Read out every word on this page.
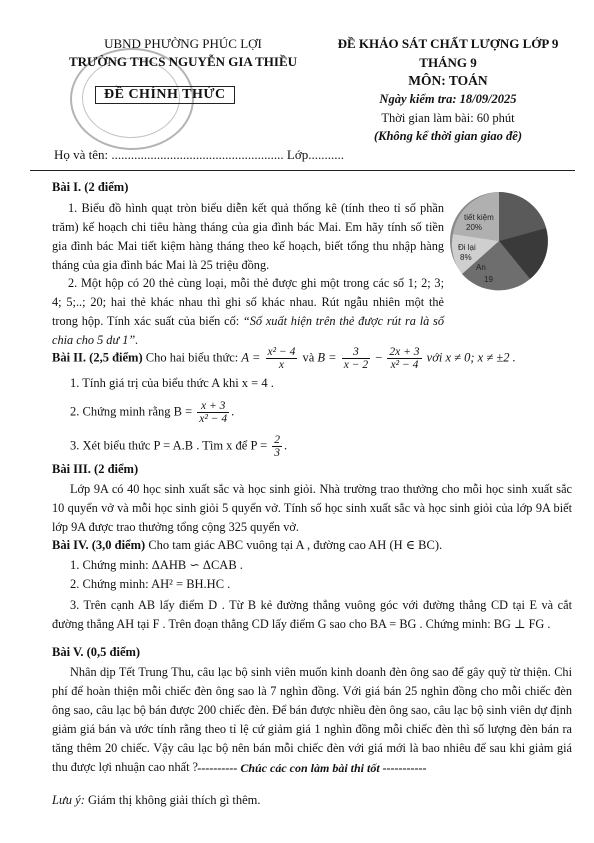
UBND PHƯỜNG PHÚC LỢI
TRƯỜNG THCS NGUYỄN GIA THIỀU
ĐỀ CHÍNH THỨC
ĐỀ KHẢO SÁT CHẤT LƯỢNG LỚP 9
THÁNG 9
MÔN: TOÁN
Ngày kiểm tra: 18/09/2025
Thời gian làm bài: 60 phút
(Không kể thời gian giao đề)
Họ và tên: ..................................................... Lớp...........
Bài I. (2 điểm)
1. Biểu đồ hình quạt tròn biểu diễn kết quả thống kê (tính theo tỉ số phần trăm) kế hoạch chi tiêu hàng tháng của gia đình bác Mai. Em hãy tính số tiền gia đình bác Mai tiết kiệm hàng tháng theo kế hoạch, biết tổng thu nhập hàng tháng của gia đình bác Mai là 25 triệu đồng.
2. Một hộp có 20 thẻ cùng loại, mỗi thẻ được ghi một trong các số 1; 2; 3; 4; 5;..; 20; hai thẻ khác nhau thì ghi số khác nhau. Rút ngẫu nhiên một thẻ trong hộp. Tính xác suất của biến cố: “Số xuất hiện trên thẻ được rút ra là số chia cho 5 dư 1”.
tiết kiệm
20%
Đi lại
8%
An
19
Bài II. (2,5 điểm) Cho hai biểu thức: $A = \frac{\text{x² − 4}}{x}$ và $B = \frac{3}{x - 2} - \frac{2x + 3}{\text{x² − 4}}$ với x ≠ 0; x ≠ ±2 .
1. Tính giá trị của biểu thức A khi x = 4 .
2. Chứng minh rằng $B = \frac{x + 3}{\text{x² − 4}}$ .
3. Xét biểu thức P = A.B . Tìm x để $P = \frac{2}{3}$ .
Bài III. (2 điểm)
Lớp 9A có 40 học sinh xuất sắc và học sinh giỏi. Nhà trường trao thưởng cho mỗi học sinh xuất sắc 10 quyển vở và mỗi học sinh giỏi 5 quyển vở. Tính số học sinh xuất sắc và học sinh giỏi của lớp 9A biết lớp 9A được trao thưởng tổng cộng 325 quyển vở.
Bài IV. (3,0 điểm) Cho tam giác ABC vuông tại A , đường cao AH (H ∈ BC).
1. Chứng minh: ΔAHB ∽ ΔCAB .
2. Chứng minh: AH² = BH.HC .
3. Trên cạnh AB lấy điểm D . Từ B kẻ đường thẳng vuông góc với đường thẳng CD tại E và cắt đường thẳng AH tại F . Trên đoạn thẳng CD lấy điểm G sao cho BA = BG . Chứng minh: BG ⊥ FG .
Bài V. (0,5 điểm)
Nhân dịp Tết Trung Thu, câu lạc bộ sinh viên muốn kinh doanh đèn ông sao để gây quỹ từ thiện. Chi phí để hoàn thiện mỗi chiếc đèn ông sao là 7 nghìn đồng. Với giá bán 25 nghìn đồng cho mỗi chiếc đèn ông sao, câu lạc bộ bán được 200 chiếc đèn. Để bán được nhiều đèn ông sao, câu lạc bộ sinh viên dự định giảm giá bán và ước tính rằng theo tỉ lệ cứ giảm giá 1 nghìn đồng mỗi chiếc đèn thì số lượng đèn bán ra tăng thêm 20 chiếc. Vậy câu lạc bộ nên bán mỗi chiếc đèn với giá mới là bao nhiêu để sau khi giảm giá thu được lợi nhuận cao nhất ? ---------- Chúc các con làm bài thi tốt -----------
Lưu ý: Giám thị không giải thích gì thêm.
